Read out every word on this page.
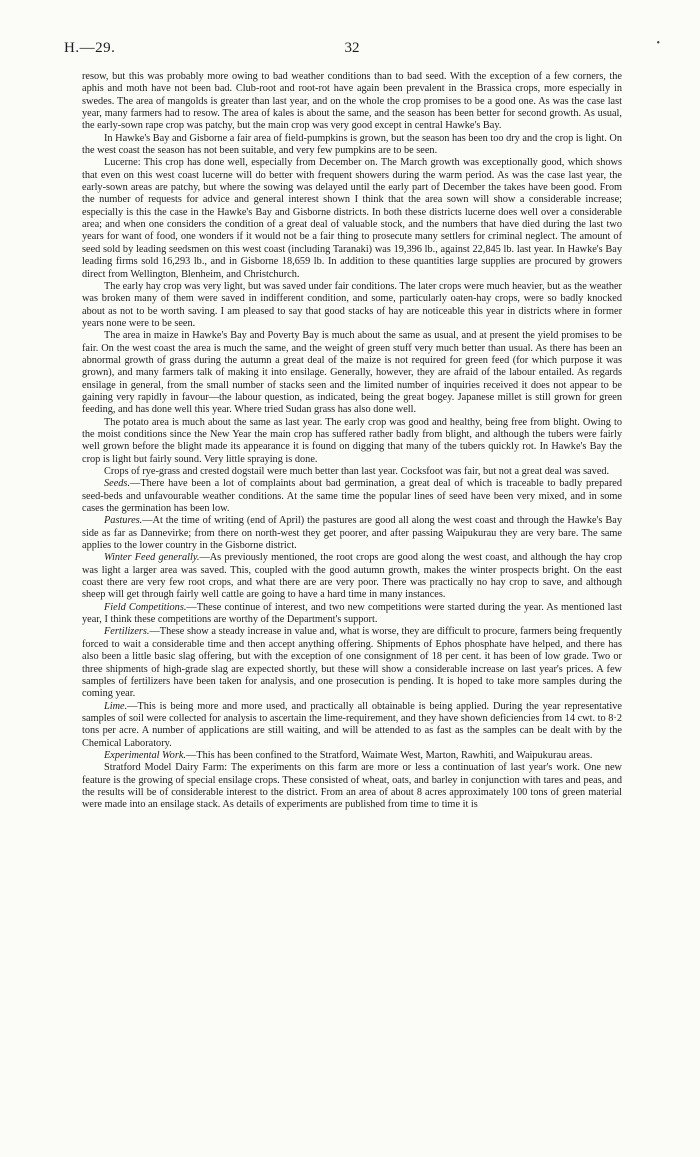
H.—29.	32	•

resow, but this was probably more owing to bad weather conditions than to bad seed. With the exception of a few corners, the aphis and moth have not been bad. Club-root and root-rot have again been prevalent in the Brassica crops, more especially in swedes. The area of mangolds is greater than last year, and on the whole the crop promises to be a good one. As was the case last year, many farmers had to resow. The area of kales is about the same, and the season has been better for second growth. As usual, the early-sown rape crop was patchy, but the main crop was very good except in central Hawke's Bay.

In Hawke's Bay and Gisborne a fair area of field-pumpkins is grown, but the season has been too dry and the crop is light. On the west coast the season has not been suitable, and very few pumpkins are to be seen.

Lucerne: This crop has done well, especially from December on. The March growth was exceptionally good, which shows that even on this west coast lucerne will do better with frequent showers during the warm period. As was the case last year, the early-sown areas are patchy, but where the sowing was delayed until the early part of December the takes have been good. From the number of requests for advice and general interest shown I think that the area sown will show a considerable increase; especially is this the case in the Hawke's Bay and Gisborne districts. In both these districts lucerne does well over a considerable area; and when one considers the condition of a great deal of valuable stock, and the numbers that have died during the last two years for want of food, one wonders if it would not be a fair thing to prosecute many settlers for criminal neglect. The amount of seed sold by leading seedsmen on this west coast (including Taranaki) was 19,396 lb., against 22,845 lb. last year. In Hawke's Bay leading firms sold 16,293 lb., and in Gisborne 18,659 lb. In addition to these quantities large supplies are procured by growers direct from Wellington, Blenheim, and Christchurch.

The early hay crop was very light, but was saved under fair conditions. The later crops were much heavier, but as the weather was broken many of them were saved in indifferent condition, and some, particularly oaten-hay crops, were so badly knocked about as not to be worth saving. I am pleased to say that good stacks of hay are noticeable this year in districts where in former years none were to be seen.

The area in maize in Hawke's Bay and Poverty Bay is much about the same as usual, and at present the yield promises to be fair. On the west coast the area is much the same, and the weight of green stuff very much better than usual. As there has been an abnormal growth of grass during the autumn a great deal of the maize is not required for green feed (for which purpose it was grown), and many farmers talk of making it into ensilage. Generally, however, they are afraid of the labour entailed. As regards ensilage in general, from the small number of stacks seen and the limited number of inquiries received it does not appear to be gaining very rapidly in favour—the labour question, as indicated, being the great bogey. Japanese millet is still grown for green feeding, and has done well this year. Where tried Sudan grass has also done well.

The potato area is much about the same as last year. The early crop was good and healthy, being free from blight. Owing to the moist conditions since the New Year the main crop has suffered rather badly from blight, and although the tubers were fairly well grown before the blight made its appearance it is found on digging that many of the tubers quickly rot. In Hawke's Bay the crop is light but fairly sound. Very little spraying is done.

Crops of rye-grass and crested dogstail were much better than last year. Cocksfoot was fair, but not a great deal was saved.

Seeds.—There have been a lot of complaints about bad germination, a great deal of which is traceable to badly prepared seed-beds and unfavourable weather conditions. At the same time the popular lines of seed have been very mixed, and in some cases the germination has been low.

Pastures.—At the time of writing (end of April) the pastures are good all along the west coast and through the Hawke's Bay side as far as Dannevirke; from there on north-west they get poorer, and after passing Waipukurau they are very bare. The same applies to the lower country in the Gisborne district.

Winter Feed generally.—As previously mentioned, the root crops are good along the west coast, and although the hay crop was light a larger area was saved. This, coupled with the good autumn growth, makes the winter prospects bright. On the east coast there are very few root crops, and what there are are very poor. There was practically no hay crop to save, and although sheep will get through fairly well cattle are going to have a hard time in many instances.

Field Competitions.—These continue of interest, and two new competitions were started during the year. As mentioned last year, I think these competitions are worthy of the Department's support.

Fertilizers.—These show a steady increase in value and, what is worse, they are difficult to procure, farmers being frequently forced to wait a considerable time and then accept anything offering. Shipments of Ephos phosphate have helped, and there has also been a little basic slag offering, but with the exception of one consignment of 18 per cent. it has been of low grade. Two or three shipments of high-grade slag are expected shortly, but these will show a considerable increase on last year's prices. A few samples of fertilizers have been taken for analysis, and one prosecution is pending. It is hoped to take more samples during the coming year.

Lime.—This is being more and more used, and practically all obtainable is being applied. During the year representative samples of soil were collected for analysis to ascertain the lime-requirement, and they have shown deficiencies from 14 cwt. to 8·2 tons per acre. A number of applications are still waiting, and will be attended to as fast as the samples can be dealt with by the Chemical Laboratory.

Experimental Work.—This has been confined to the Stratford, Waimate West, Marton, Rawhiti, and Waipukurau areas.

Stratford Model Dairy Farm: The experiments on this farm are more or less a continuation of last year's work. One new feature is the growing of special ensilage crops. These consisted of wheat, oats, and barley in conjunction with tares and peas, and the results will be of considerable interest to the district. From an area of about 8 acres approximately 100 tons of green material were made into an ensilage stack. As details of experiments are published from time to time it is
